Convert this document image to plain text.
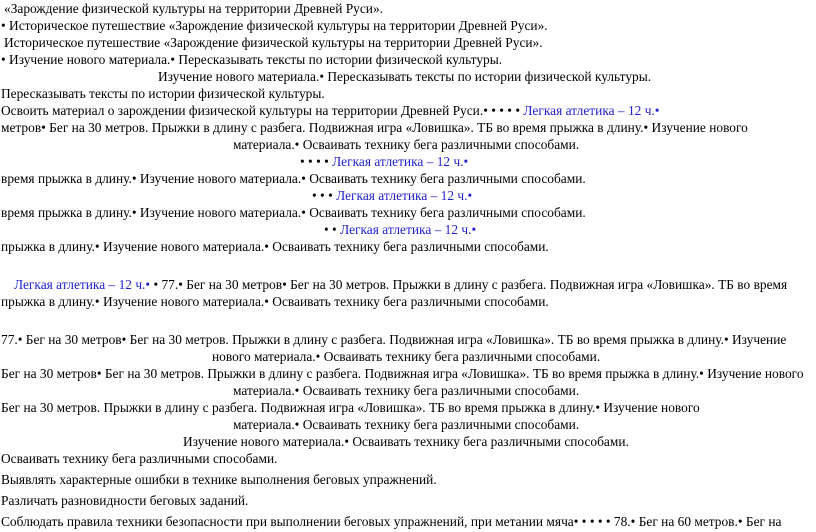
«Зарождение физической культуры на территории Древней Руси».
• Историческое путешествие «Зарождение физической культуры на территории Древней Руси».
Историческое путешествие «Зарождение физической культуры на территории Древней Руси».
• Изучение нового материала.• Пересказывать тексты по истории физической культуры.
Изучение нового материала.• Пересказывать тексты по истории физической культуры.
Пересказывать тексты по истории физической культуры.
Освоить материал о зарождении физической культуры на территории Древней Руси.• • • • • Легкая атлетика – 12 ч.•
метров• Бег на 30 метров. Прыжки в длину с разбега. Подвижная игра «Ловишка». ТБ во время прыжка в длину.• Изучение нового
материала.• Осваивать технику бега различными способами.
• • • • Легкая атлетика – 12 ч.•
время прыжка в длину.• Изучение нового материала.• Осваивать технику бега различными способами.
• • • Легкая атлетика – 12 ч.•
время прыжка в длину.• Изучение нового материала.• Осваивать технику бега различными способами.
• • Легкая атлетика – 12 ч.•
прыжка в длину.• Изучение нового материала.• Осваивать технику бега различными способами.
Легкая атлетика – 12 ч.• • 77.• Бег на 30 метров• Бег на 30 метров. Прыжки в длину с разбега. Подвижная игра «Ловишка». ТБ во время
прыжка в длину.• Изучение нового материала.• Осваивать технику бега различными способами.
77.• Бег на 30 метров• Бег на 30 метров. Прыжки в длину с разбега. Подвижная игра «Ловишка». ТБ во время прыжка в длину.• Изучение
нового материала.• Осваивать технику бега различными способами.
Бег на 30 метров• Бег на 30 метров. Прыжки в длину с разбега. Подвижная игра «Ловишка». ТБ во время прыжка в длину.• Изучение нового
материала.• Осваивать технику бега различными способами.
Бег на 30 метров. Прыжки в длину с разбега. Подвижная игра «Ловишка». ТБ во время прыжка в длину.• Изучение нового
материала.• Осваивать технику бега различными способами.
Изучение нового материала.• Осваивать технику бега различными способами.
Осваивать технику бега различными способами.
Выявлять характерные ошибки в технике выполнения беговых упражнений.
Различать разновидности беговых заданий.
Соблюдать правила техники безопасности при выполнении беговых упражнений, при метании мяча• • • • • 78.• Бег на 60 метров.• Бег на
